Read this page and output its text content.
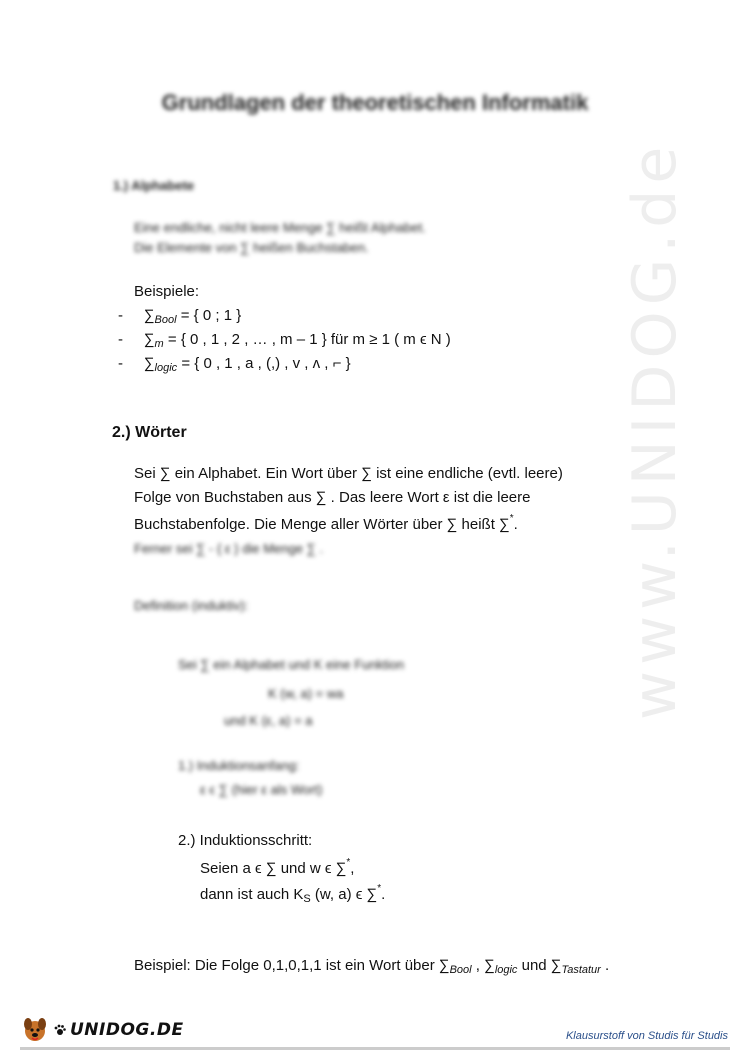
www.UNIDOG.de
Grundlagen der theoretischen Informatik
1.) Alphabete
Eine endliche, nicht leere Menge ∑ heißt Alphabet.
Die Elemente von ∑ heißen Buchstaben.
Beispiele:
- $\sum_{Bool}$ = { 0 ; 1 }
- $\sum_m$ = { 0 , 1 , 2 , … , m – 1 } für m ≥ 1 ( m ϵ N )
- $\sum_{logic}$ = { 0 , 1 , a , (,) , v , ᴧ , ⌐ }
2.) Wörter
Sei ∑ ein Alphabet. Ein Wort über ∑ ist eine endliche (evtl. leere)
Folge von Buchstaben aus ∑ . Das leere Wort ε ist die leere
Buchstabenfolge. Die Menge aller Wörter über ∑ heißt ∑*.
Ferner sei ∑ - { ε } die Menge ∑ .
Definition (induktiv):
Sei ∑ ein Alphabet und K eine Funktion
K (w, a) = wa
und K (ε, a) = a
1.) Induktionsanfang:
ε ϵ ∑ (hier ε als Wort)
2.) Induktionsschritt:
Seien a ϵ ∑ und w ϵ ∑*,
dann ist auch $K_S$ (w, a) ϵ ∑*.
Beispiel: Die Folge 0,1,0,1,1 ist ein Wort über $\sum_{Bool}$ , $\sum_{logic}$ und $\sum_{Tastatur}$ .
UNIDOG.DE	Klausurstoff von Studis für Studis
